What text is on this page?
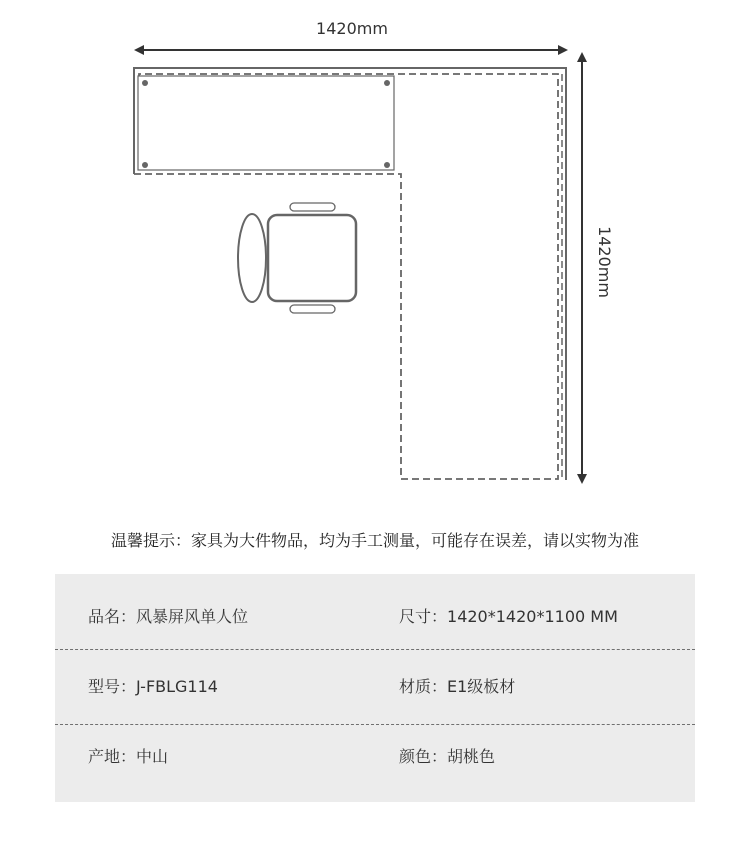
1420mm
1420mm
温馨提示：家具为大件物品，均为手工测量，可能存在误差，请以实物为准
品名：风暴屏风单人位	尺寸：1420*1420*1100 MM
型号：J-FBLG114	材质：E1级板材
产地：中山	颜色：胡桃色
